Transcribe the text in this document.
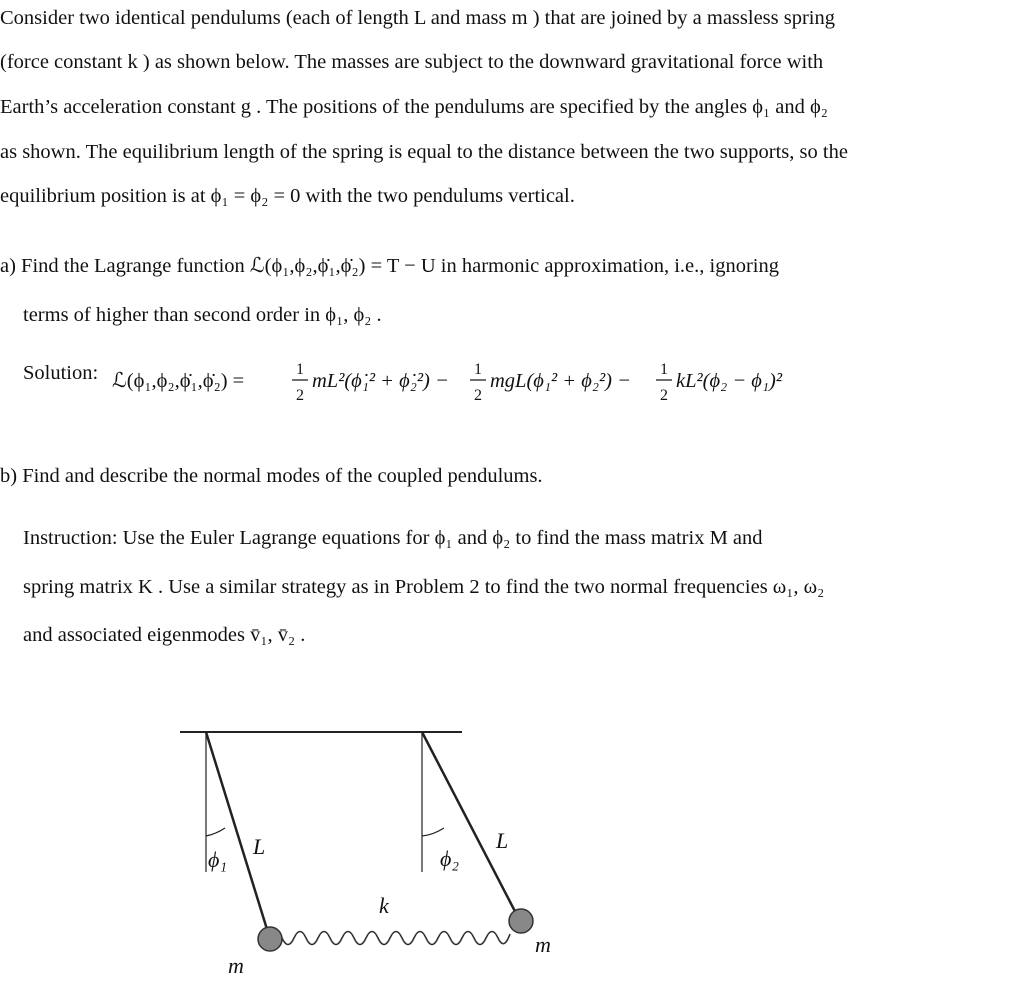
Consider two identical pendulums (each of length L and mass m ) that are joined by a massless spring
(force constant k ) as shown below. The masses are subject to the downward gravitational force with
Earth’s acceleration constant g . The positions of the pendulums are specified by the angles ϕ₁ and ϕ₂
as shown. The equilibrium length of the spring is equal to the distance between the two supports, so the
equilibrium position is at ϕ₁ = ϕ₂ = 0 with the two pendulums vertical.
a) Find the Lagrange function ℒ(ϕ₁,ϕ₂,ϕ̇₁,ϕ̇₂) = T − U in harmonic approximation, i.e., ignoring
terms of higher than second order in ϕ₁, ϕ₂ .
Solution: ℒ(ϕ₁,ϕ₂,ϕ̇₁,ϕ̇₂) =
1
2
mL²(ϕ̇₁² + ϕ̇₂²) −
1
2
mgL(ϕ₁² + ϕ₂²) −
1
2
kL²(ϕ₂ − ϕ₁)²
b) Find and describe the normal modes of the coupled pendulums.
Instruction: Use the Euler Lagrange equations for ϕ₁ and ϕ₂ to find the mass matrix M and
spring matrix K . Use a similar strategy as in Problem 2 to find the two normal frequencies ω₁, ω₂
and associated eigenmodes v̄₁, v̄₂ .
ϕ₁
L	ϕ₂
L
k
m
m
